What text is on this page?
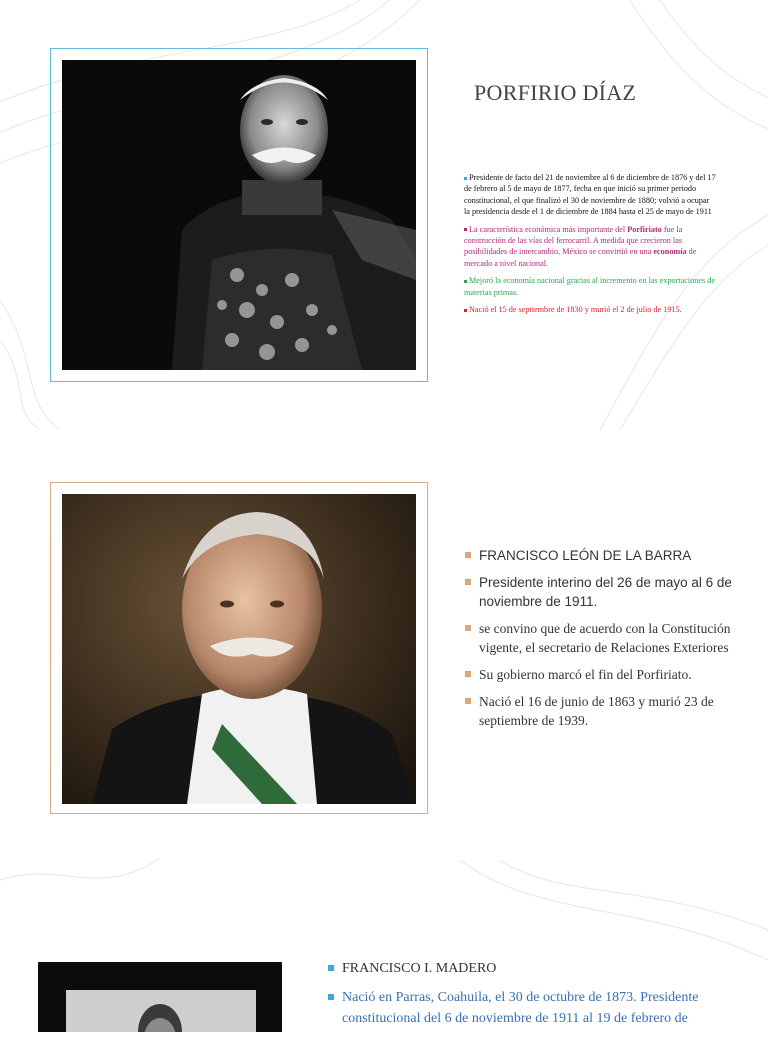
PORFIRIO DÍAZ
Presidente de facto del 21 de noviembre al 6 de diciembre de 1876 y del 17 de febrero al 5 de mayo de 1877, fecha en que inició su primer periodo constitucional, el que finalizó el 30 de noviembre de 1880; volvió a ocupar la presidencia desde el 1 de diciembre de 1884 hasta el 25 de mayo de 1911
La característica económica más importante del Porfiriato fue la construcción de las vías del ferrocarril. A medida que crecieron las posibilidades de intercambio, México se convirtió en una economía de mercado a nivel nacional.
Mejoró la economía nacional gracias al incremento en las exportaciones de materias primas.
Nació el 15 de septiembre de 1830 y murió el 2 de julio de 1915.
FRANCISCO LEÓN DE LA BARRA
Presidente interino del 26 de mayo al 6 de noviembre de 1911.
se convino que de acuerdo con la Constitución vigente, el secretario de Relaciones Exteriores
Su gobierno marcó el fin del Porfiriato.
Nació el 16 de junio de 1863 y murió 23 de septiembre de 1939.
FRANCISCO I. MADERO
Nació en Parras, Coahuila, el 30 de octubre de 1873. Presidente constitucional del 6 de noviembre de 1911 al 19 de febrero de
